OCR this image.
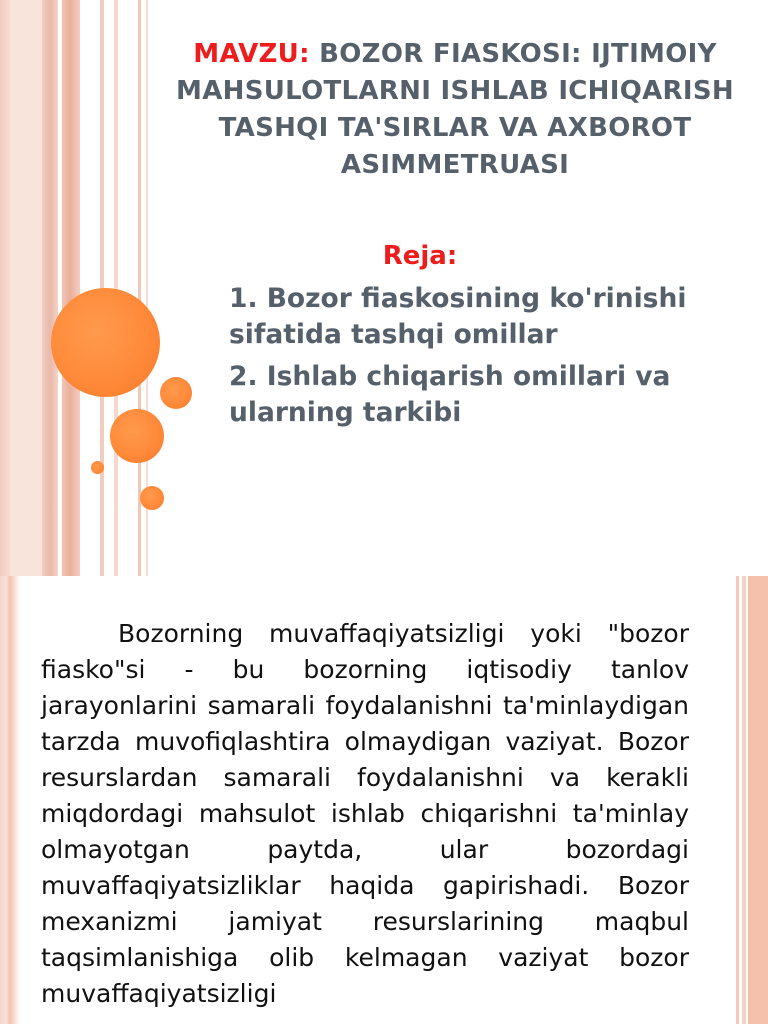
MAVZU: BOZOR FIASKOSI: IJTIMOIY MAHSULOTLARNI ISHLAB ICHIQARISH TASHQI TA'SIRLAR VA AXBOROT ASIMMETRUASI
Reja:
1. Bozor fiaskosining ko'rinishi sifatida tashqi omillar
2. Ishlab chiqarish omillari va ularning tarkibi

Bozorning muvaffaqiyatsizligi yoki "bozor fiasko"si - bu bozorning iqtisodiy tanlov jarayonlarini samarali foydalanishni ta'minlaydigan tarzda muvofiqlashtira olmaydigan vaziyat. Bozor resurslardan samarali foydalanishni va kerakli miqdordagi mahsulot ishlab chiqarishni ta'minlay olmayotgan paytda, ular bozordagi muvaffaqiyatsizliklar haqida gapirishadi. Bozor mexanizmi jamiyat resurslarining maqbul taqsimlanishiga olib kelmagan vaziyat bozor muvaffaqiyatsizligi
